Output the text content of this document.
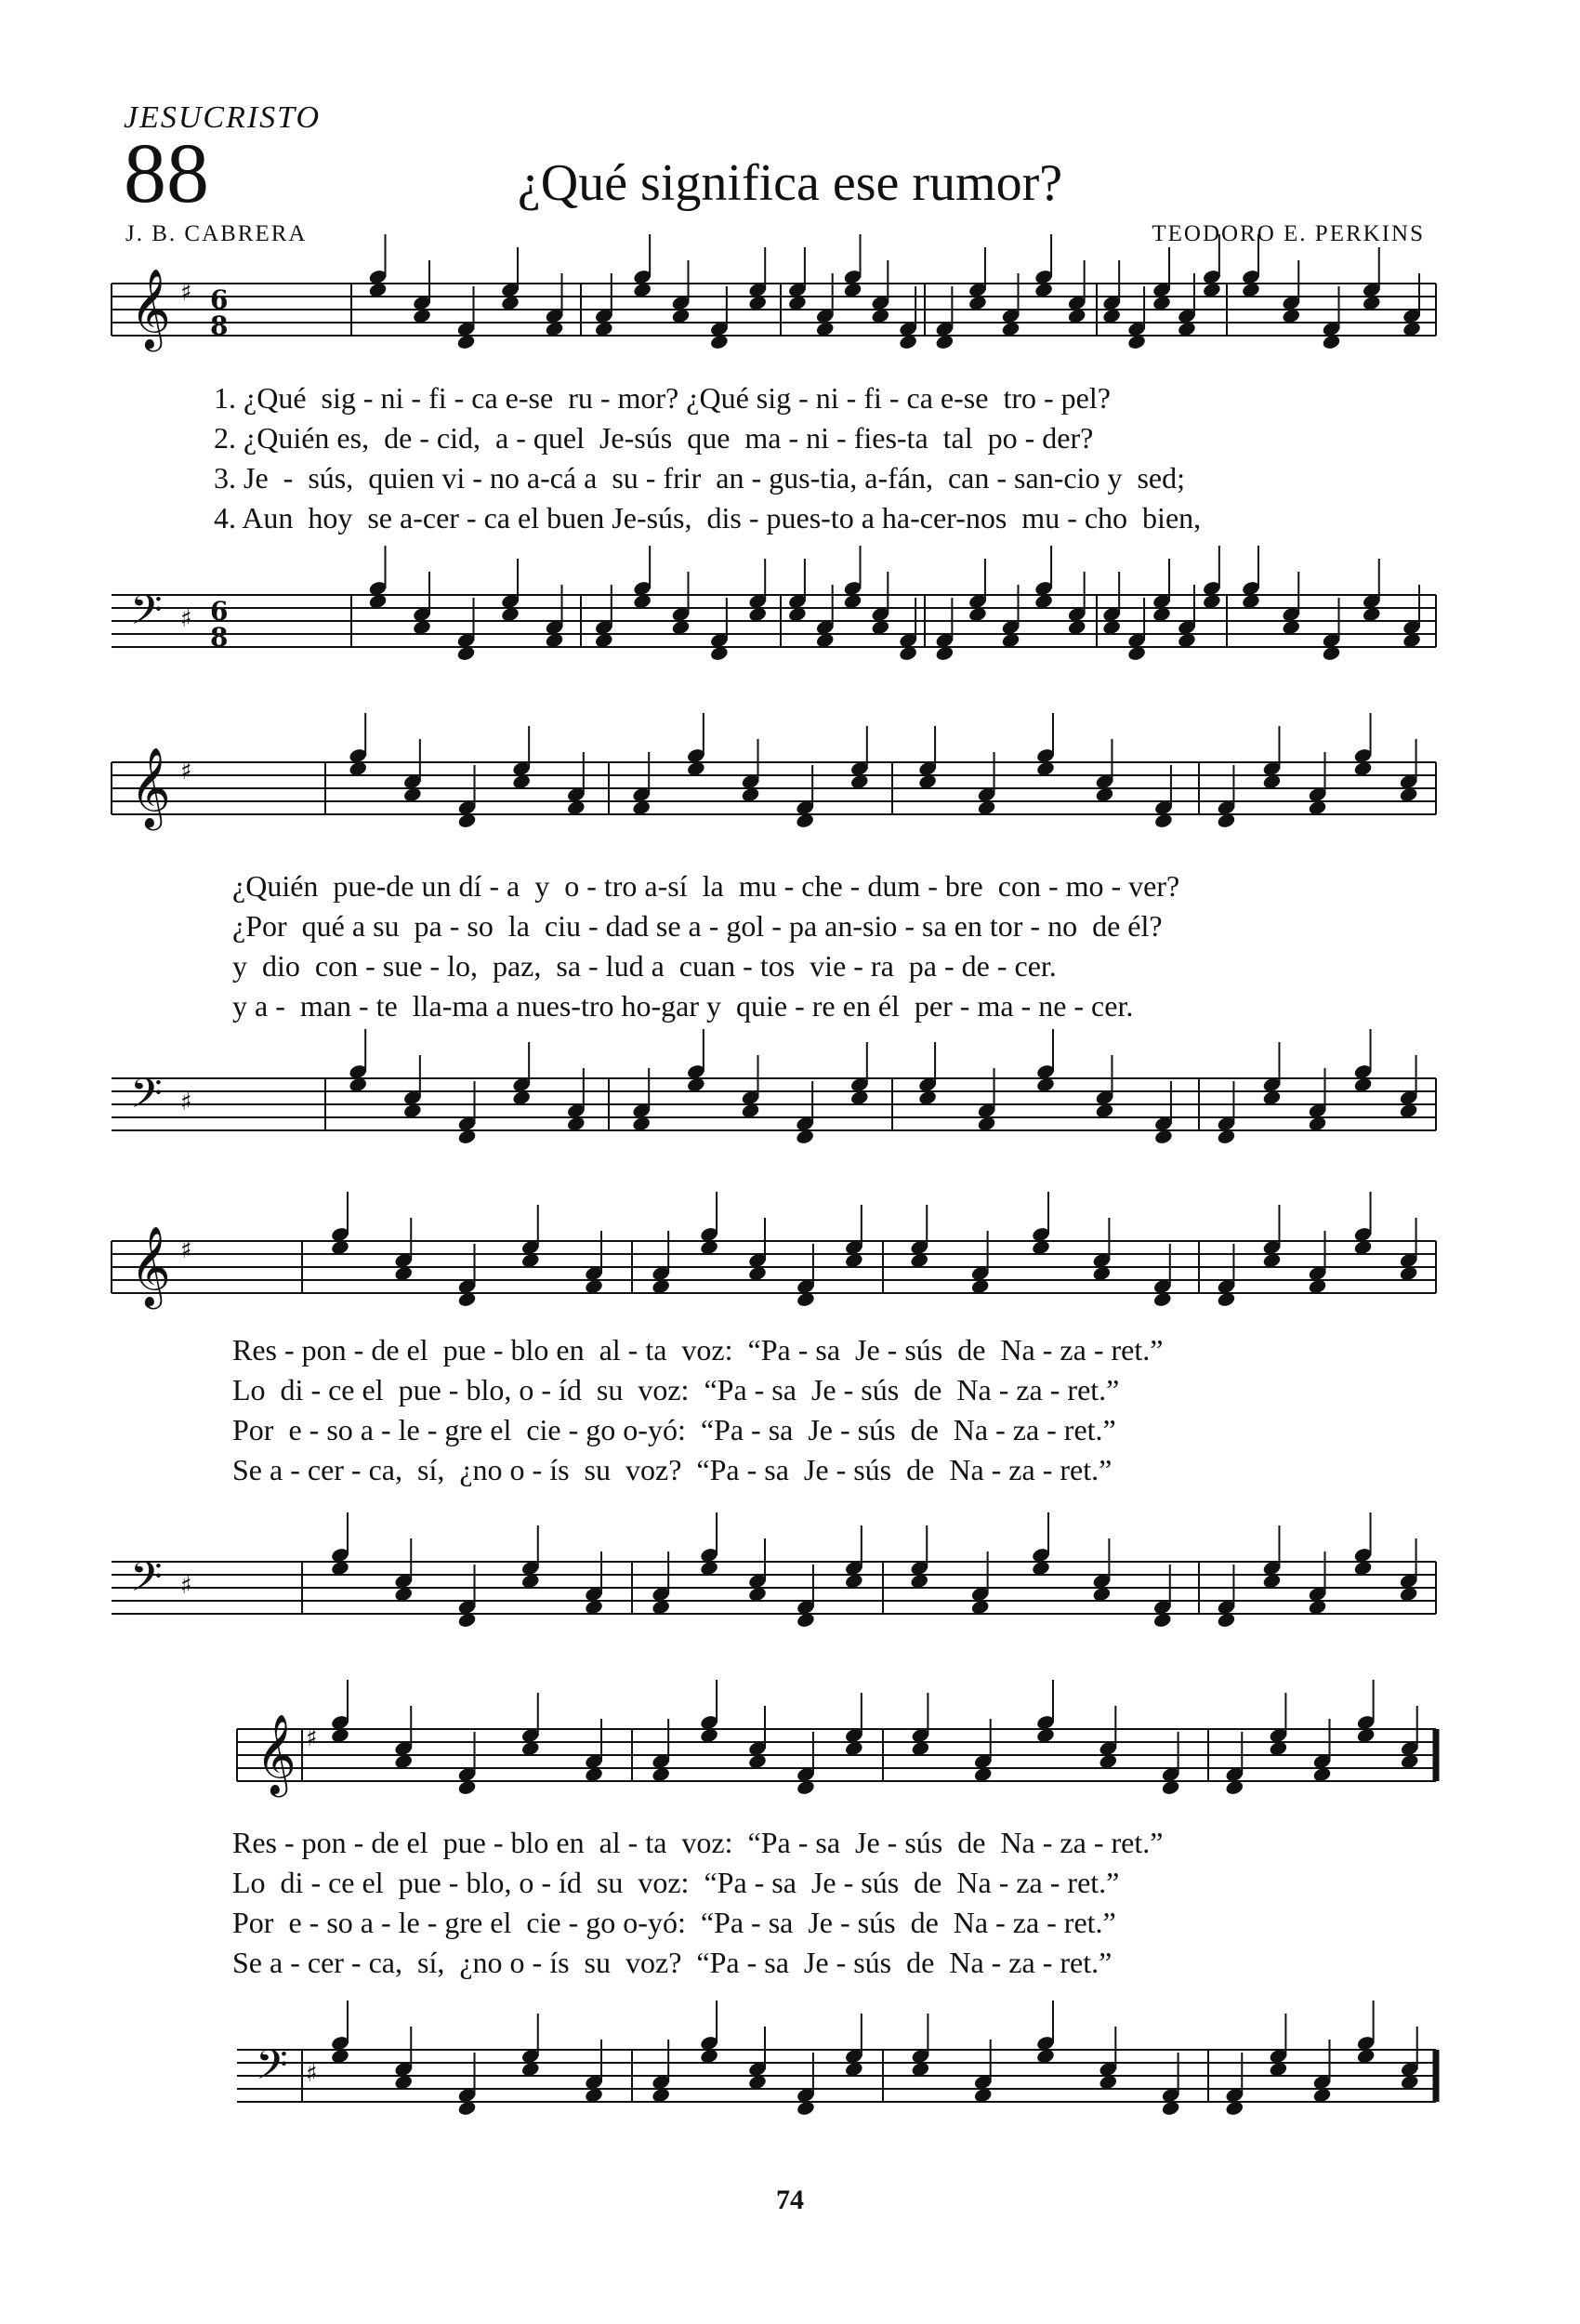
JESUCRISTO
88	¿Qué significa ese rumor?
J. B. CABRERA	TEODORO E. PERKINS
𝄞 ♯ 6
8
𝄢 ♯ 6
8
𝄞 ♯
𝄢 ♯
𝄞 ♯
𝄢 ♯
𝄞 ♯
𝄢 ♯
1. ¿Qué  sig - ni - fi - ca e-se  ru - mor? ¿Qué sig - ni - fi - ca e-se  tro - pel?
2. ¿Quién es,  de - cid,  a - quel  Je-sús  que  ma - ni - fies-ta  tal  po - der?
3. Je  -  sús,  quien vi - no a-cá a  su - frir  an - gus-tia, a-fán,  can - san-cio y  sed;
4. Aun  hoy  se a-cer - ca el buen Je-sús,  dis - pues-to a ha-cer-nos  mu - cho  bien,
¿Quién  pue-de un dí - a  y  o - tro a-sí  la  mu - che - dum - bre  con - mo - ver?
¿Por  qué a su  pa - so  la  ciu - dad se a - gol - pa an-sio - sa en tor - no  de él?
y  dio  con - sue - lo,  paz,  sa - lud a  cuan - tos  vie - ra  pa - de - cer.
y a -  man - te  lla-ma a nues-tro ho-gar y  quie - re en él  per - ma - ne - cer.
Res - pon - de el  pue - blo en  al - ta  voz:  “Pa - sa  Je - sús  de  Na - za - ret.”
Lo  di - ce el  pue - blo, o - íd  su  voz:  “Pa - sa  Je - sús  de  Na - za - ret.”
Por  e - so a - le - gre el  cie - go o-yó:  “Pa - sa  Je - sús  de  Na - za - ret.”
Se a - cer - ca,  sí,  ¿no o - ís  su  voz?  “Pa - sa  Je - sús  de  Na - za - ret.”
Res - pon - de el  pue - blo en  al - ta  voz:  “Pa - sa  Je - sús  de  Na - za - ret.”
Lo  di - ce el  pue - blo, o - íd  su  voz:  “Pa - sa  Je - sús  de  Na - za - ret.”
Por  e - so a - le - gre el  cie - go o-yó:  “Pa - sa  Je - sús  de  Na - za - ret.”
Se a - cer - ca,  sí,  ¿no o - ís  su  voz?  “Pa - sa  Je - sús  de  Na - za - ret.”
74
